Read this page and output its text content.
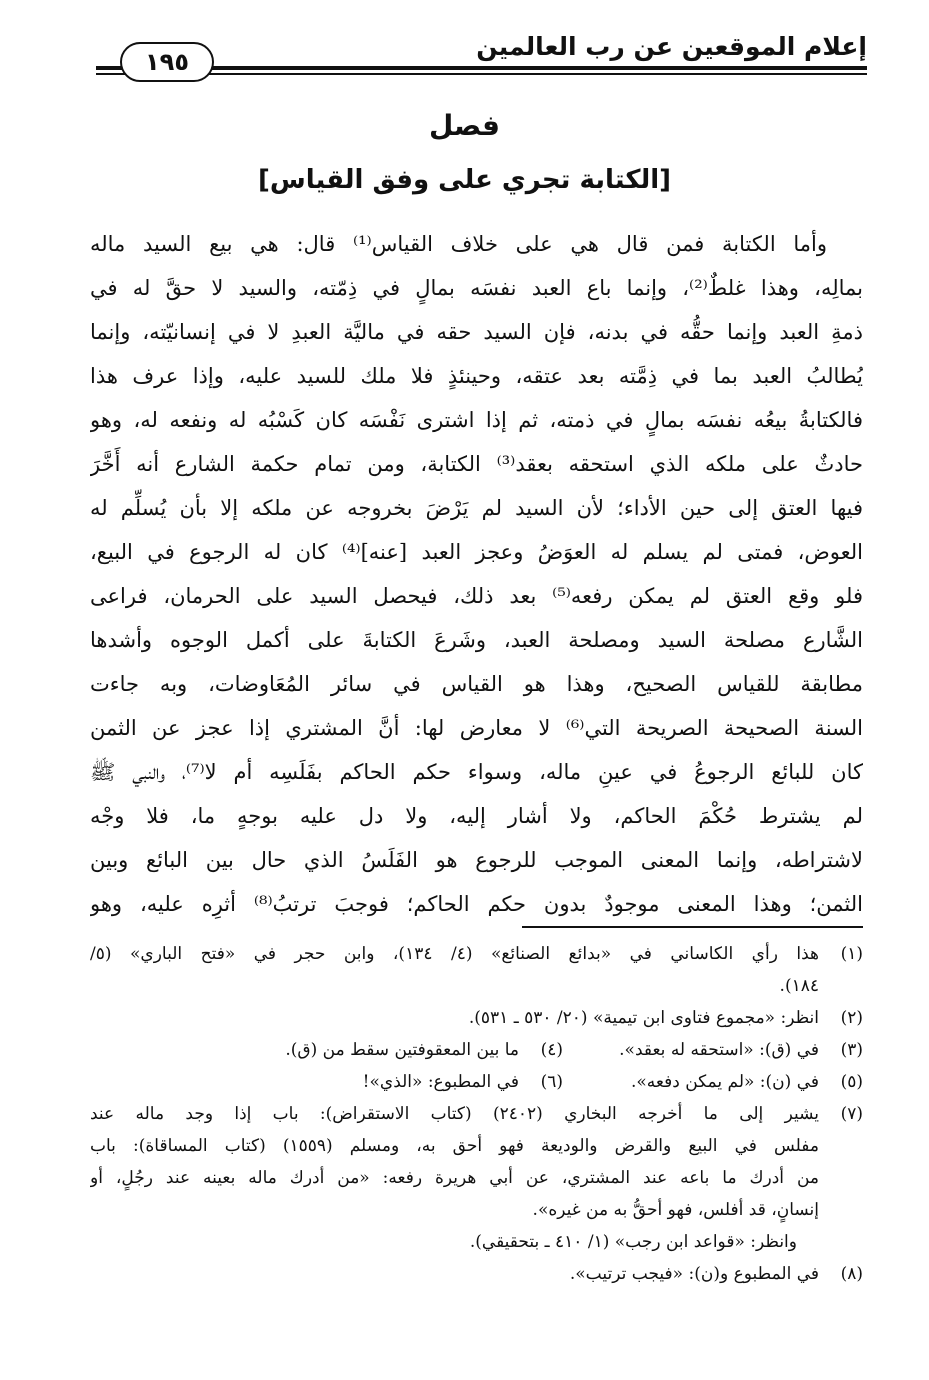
إعلام الموقعين عن رب العالمين
١٩٥
فصل
[الكتابة تجري على وفق القياس]
وأما الكتابة فمن قال هي على خلاف القياس⁽¹⁾ قال: هي بيع السيد ماله
بمالِه، وهذا غلطٌ⁽²⁾، وإنما باع العبد نفسَه بمالٍ في ذِمّته، والسيد لا حقَّ له في
ذمةِ العبد وإنما حقُّه في بدنه، فإن السيد حقه في ماليَّة العبدِ لا في إنسانيّته، وإنما
يُطالبُ العبد بما في ذِمَّته بعد عتقه، وحينئذٍ فلا ملك للسيد عليه، وإذا عرف هذا
فالكتابةُ بيعُه نفسَه بمالٍ في ذمته، ثم إذا اشترى نَفْسَه كان كَسْبُه له ونفعه له، وهو
حادثٌ على ملكه الذي استحقه بعقد⁽³⁾ الكتابة، ومن تمام حكمة الشارع أنه أَخَّرَ
فيها العتق إلى حين الأداء؛ لأن السيد لم يَرْضَ بخروجه عن ملكه إلا بأن يُسلِّم له
العوض، فمتى لم يسلم له العوَضُ وعجز العبد [عنه]⁽⁴⁾ كان له الرجوع في البيع،
فلو وقع العتق لم يمكن رفعه⁽⁵⁾ بعد ذلك، فيحصل السيد على الحرمان، فراعى
الشَّارع مصلحة السيد ومصلحة العبد، وشَرعَ الكتابةَ على أكمل الوجوه وأشدها
مطابقة للقياس الصحيح، وهذا هو القياس في سائر المُعَاوضات، وبه جاءت
السنة الصحيحة الصريحة التي⁽⁶⁾ لا معارض لها: أنَّ المشتري إذا عجز عن الثمن
كان للبائع الرجوعُ في عينِ ماله، وسواء حكم الحاكم بفَلَسِه أم لا⁽⁷⁾، والنبي ﷺ
لم يشترط حُكْمَ الحاكم، ولا أشار إليه، ولا دل عليه بوجهٍ ما، فلا وجْه
لاشتراطه، وإنما المعنى الموجب للرجوع هو الفَلَسُ الذي حال بين البائع وبين
الثمن؛ وهذا المعنى موجودٌ بدون حكم الحاكم؛ فوجبَ ترتبُ⁽⁸⁾ أثرِه عليه، وهو
(١)
هذا رأي الكاساني في «بدائع الصنائع» (٤/ ١٣٤)، وابن حجر في «فتح الباري» (٥/
١٨٤).
(٢)
انظر: «مجموع فتاوى ابن تيمية» (٢٠/ ٥٣٠ ـ ٥٣١).
(٣)
في (ق): «استحقه له بعقد».
(٤)
ما بين المعقوفتين سقط من (ق).
(٥)
في (ن): «لم يمكن دفعه».
(٦)
في المطبوع: «الذي»!
(٧)
يشير إلى ما أخرجه البخاري (٢٤٠٢) (كتاب الاستقراض): باب إذا وجد ماله عند
مفلس في البيع والقرض والوديعة فهو أحق به، ومسلم (١٥٥٩) (كتاب المساقاة): باب
من أدرك ما باعه عند المشتري، عن أبي هريرة رفعه: «من أدرك ماله بعينه عند رجُلٍ، أو
إنسانٍ، قد أفلس، فهو أحقُّ به من غيره».
وانظر: «قواعد ابن رجب» (١/ ٤١٠ ـ بتحقيقي).
(٨)
في المطبوع و(ن): «فيجب ترتيب».
